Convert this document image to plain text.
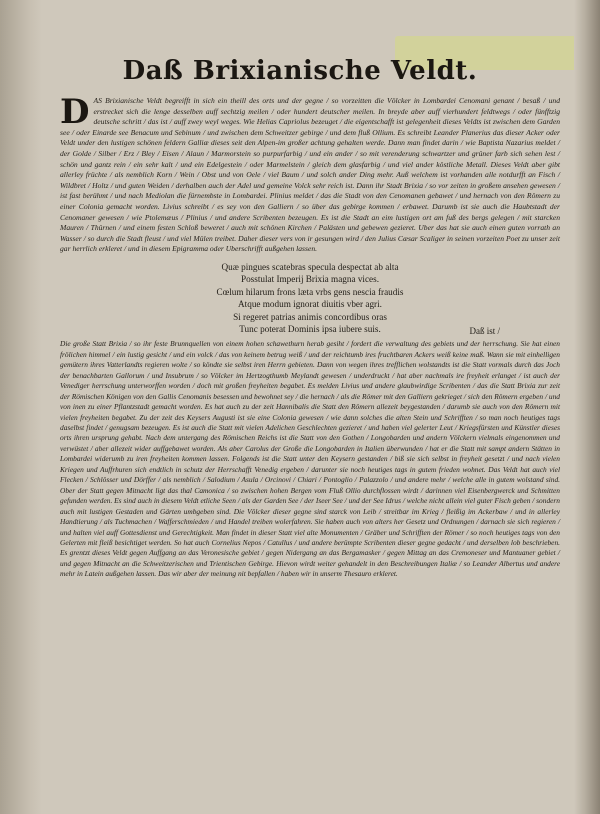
Daß Brixianische Veldt.

DAS Brixianische Veldt begreifft in sich ein theill des orts und der gegne / so vorzeitten die Völcker in Lombardei Cenomani genant / besaß / und erstrecket sich die lenge desselben auff sechtzig meilen / oder hundert deutscher meilen. In breyde aber auff vierhundert feldtwegs / oder fünfftzig deutsche schritt / das ist / auff zwey weyl weges. Wie Helias Capriolus bezeuget / die eigentschafft ist gelegenheit dieses Veldts ist zwischen dem Garden see / oder Einarde see Benacum und Sebinum / und zwischen dem Schweitzer gebirge / und dem fluß Ollium. Es schreibt Leander Planerius das dieser Acker oder Veldt under den lustigen schönen feldern Galliæ dieses seit den Alpen-im großer achtung gehalten werde. Dann man findet darin / wie Baptista Nazarius meldet / der Golde / Silber / Erz / Bley / Eisen / Alaun / Marmorstein so purpurfarbig / und ein ander / so mit verenderung schwartzer und grüner farb sich sehen lest / schön und gantz rein / ein sehr kalt / und ein Edelgestein / oder Marmelstein / gleich dem glasfarbig / und viel ander köstliche Metall. Dieses Veldt aber gibt allerley früchte / als nemblich Korn / Wein / Obst und von Oele / viel Baum / und solch ander Ding mehr. Auß welchem ist vorhanden alle notdurfft an Fisch / Wildbret / Holtz / und guten Weiden / derhalben auch der Adel und gemeine Volck sehr reich ist. Dann ihr Stadt Brixia / so vor zeiten in großem ansehen gewesen / ist fast berühmt / und nach Mediolan die fürnembste in Lombardei. Plinius meldet / das die Stadt von den Cenomanen gebawet / und hernach von den Römern zu einer Colonia gemacht worden. Livius schreibt / es sey von den Galliern / so über das gebirge kommen / erbawet. Darumb ist sie auch die Haubtstadt der Cenomaner gewesen / wie Ptolemæus / Plinius / und andere Scribenten bezeugen. Es ist die Stadt an eim lustigen ort am fuß des bergs gelegen / mit starcken Mauren / Thürnen / und einem festen Schloß beweret / auch mit schönen Kirchen / Palästen und gebewen gezieret. Uber das hat sie auch einen guten vorrath an Wasser / so durch die Stadt fleust / und viel Mülen treibet. Daher dieser vers von ir gesungen wird / den Julius Cæsar Scaliger in seinen vorzeiten Poet zu unser zeit gar herrlich erkleret / und in diesem Epigramma oder Uberschrifft außgehen lassen.

Quæ pingues scatebras specula despectat ab alta
Posstulat Imperij Brixia magna vices.
Cœlum hilarum frons læta vrbs gens nescia fraudis
Atque modum ignorat diuitis vber agri.
Si regeret patrias animis concordibus oras
Tunc poterat Dominis ipsa iubere suis.	Daß ist /

Die große Statt Brixia / so ihr feste Brunnquellen von einem hohen schawethurn herab gesiht / fordert die verwaltung des gebiets und der herrschung. Sie hat einen frölichen himmel / ein lustig gesicht / und ein volck / das von keinem betrug weiß / und der reichtumb ires fruchtbaren Ackers weiß keine maß. Wann sie mit einhelligen gemütern ihres Vatterlandts regieren wolte / so köndte sie selbst iren Herrn gebieten. Dann von wegen ihres trefflichen wolstandts ist die Statt vormals durch das Joch der benachbarten Gallorum / und Insubrum / so Völcker im Hertzogthumb Meylandt gewesen / underdruckt / hat aber nachmals ire freyheit erlanget / ist auch der Venediger herrschung unterworffen worden / doch mit großen freyheiten begabet. Es melden Livius und andere glaubwirdige Scribenten / das die Statt Brixia zur zeit der Römischen Königen von den Gallis Cenomanis besessen und bewohnet sey / die hernach / als die Römer mit den Galliern gekrieget / sich den Römern ergeben / und von inen zu einer Pflantzstadt gemacht worden. Es hat auch zu der zeit Hannibalis die Statt den Römern allezeit beygestanden / darumb sie auch von den Römern mit vielen freyheiten begabet. Zu der zeit des Keysers Augusti ist sie eine Colonia gewesen / wie dann solches die alten Stein und Schrifften / so man noch heutiges tags daselbst findet / genugsam bezeugen. Es ist auch die Statt mit vielen Adelichen Geschlechten gezieret / und haben viel gelerter Leut / Kriegsfürsten und Künstler dieses orts ihren ursprung gehabt. Nach dem untergang des Römischen Reichs ist die Statt von den Gothen / Longobarden und andern Völckern vielmals eingenommen und verwüstet / aber allezeit wider auffgebawet worden. Als aber Carolus der Große die Longobarden in Italien überwunden / hat er die Statt mit sampt andern Stätten in Lombardei widerumb zu iren freyheiten kommen lassen. Folgends ist die Statt unter den Keysern gestanden / biß sie sich selbst in freyheit gesetzt / und nach vielen Kriegen und Auffrhuren sich endtlich in schutz der Herrschafft Venedig ergeben / darunter sie noch heutiges tags in gutem frieden wohnet. Das Veldt hat auch viel Flecken / Schlösser und Dörffer / als nemblich / Salodium / Asula / Orcinovi / Chiari / Pontoglio / Palazzolo / und andere mehr / welche alle in gutem wolstand sind. Ober der Statt gegen Mitnacht ligt das thal Camonica / so zwischen hohen Bergen vom Fluß Ollio durchflossen wirdt / darinnen viel Eisenbergwerck und Schmitten gefunden werden. Es sind auch in diesem Veldt etliche Seen / als der Garden See / der Iseer See / und der See Idrus / welche nicht allein viel guter Fisch geben / sondern auch mit lustigen Gestaden und Gärten umbgeben sind. Die Völcker dieser gegne sind starck von Leib / streitbar im Krieg / fleißig im Ackerbaw / und in allerley Handtierung / als Tuchmachen / Wafferschmieden / und Handel treiben wolerfahren. Sie haben auch von alters her Gesetz und Ordnungen / darnach sie sich regieren / und halten viel auff Gottesdienst und Gerechtigkeit. Man findet in dieser Statt viel alte Monumenten / Gräber und Schrifften der Römer / so noch heutiges tags von den Gelerten mit fleiß besichtiget werden. So hat auch Cornelius Nepos / Catullus / und andere berümpte Scribenten dieser gegne gedacht / und derselben lob beschrieben. Es grentzt dieses Veldt gegen Auffgang an das Veronesische gebiet / gegen Nidergang an das Bergamasker / gegen Mittag an das Cremoneser und Mantuaner gebiet / und gegen Mitnacht an die Schweitzerischen und Trientischen Gebirge. Hievon wirdt weiter gehandelt in den Beschreibungen Italiæ / so Leander Albertus und andere mehr in Latein außgehen lassen. Das wir aber der meinung nit bepfallen / haben wir in unserm Thesauro erkleret.
